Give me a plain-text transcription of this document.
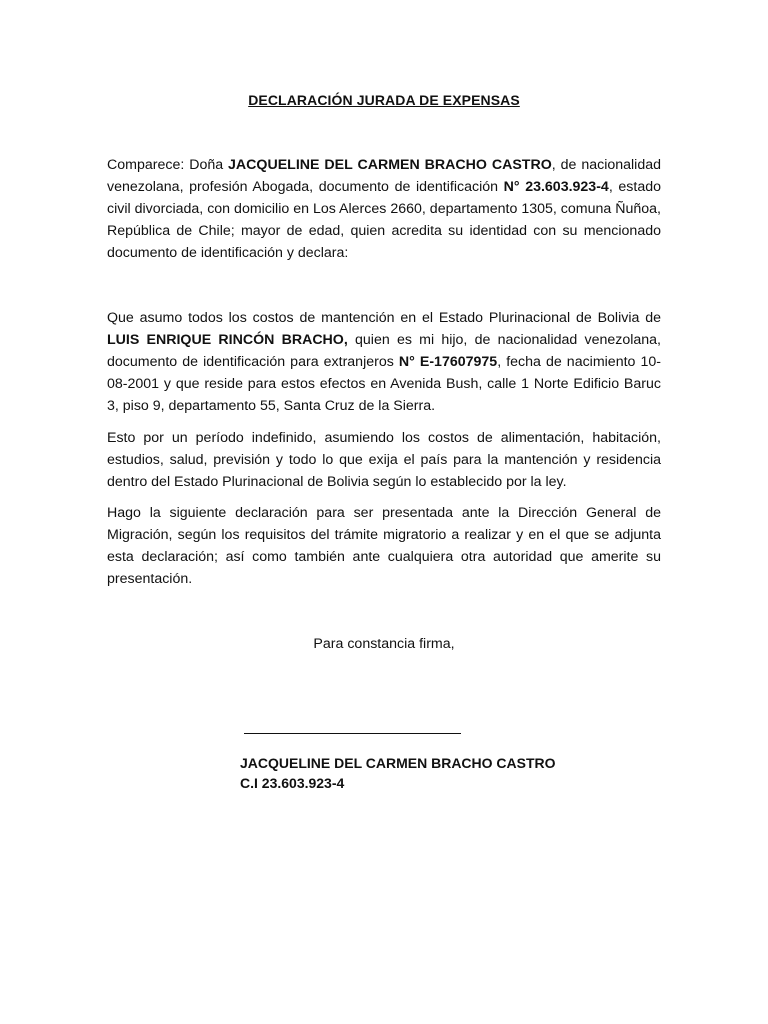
DECLARACIÓN JURADA DE EXPENSAS

Comparece: Doña JACQUELINE DEL CARMEN BRACHO CASTRO, de nacionalidad venezolana, profesión Abogada, documento de identificación N° 23.603.923-4, estado civil divorciada, con domicilio en Los Alerces 2660, departamento 1305, comuna Ñuñoa, República de Chile; mayor de edad, quien acredita su identidad con su mencionado documento de identificación y declara:

Que asumo todos los costos de mantención en el Estado Plurinacional de Bolivia de LUIS ENRIQUE RINCÓN BRACHO, quien es mi hijo, de nacionalidad venezolana, documento de identificación para extranjeros N° E-17607975, fecha de nacimiento 10-08-2001 y que reside para estos efectos en Avenida Bush, calle 1 Norte Edificio Baruc 3, piso 9, departamento 55, Santa Cruz de la Sierra.

Esto por un período indefinido, asumiendo los costos de alimentación, habitación, estudios, salud, previsión y todo lo que exija el país para la mantención y residencia dentro del Estado Plurinacional de Bolivia según lo establecido por la ley.

Hago la siguiente declaración para ser presentada ante la Dirección General de Migración, según los requisitos del trámite migratorio a realizar y en el que se adjunta esta declaración; así como también ante cualquiera otra autoridad que amerite su presentación.

Para constancia firma,
JACQUELINE DEL CARMEN BRACHO CASTRO
C.I 23.603.923-4
